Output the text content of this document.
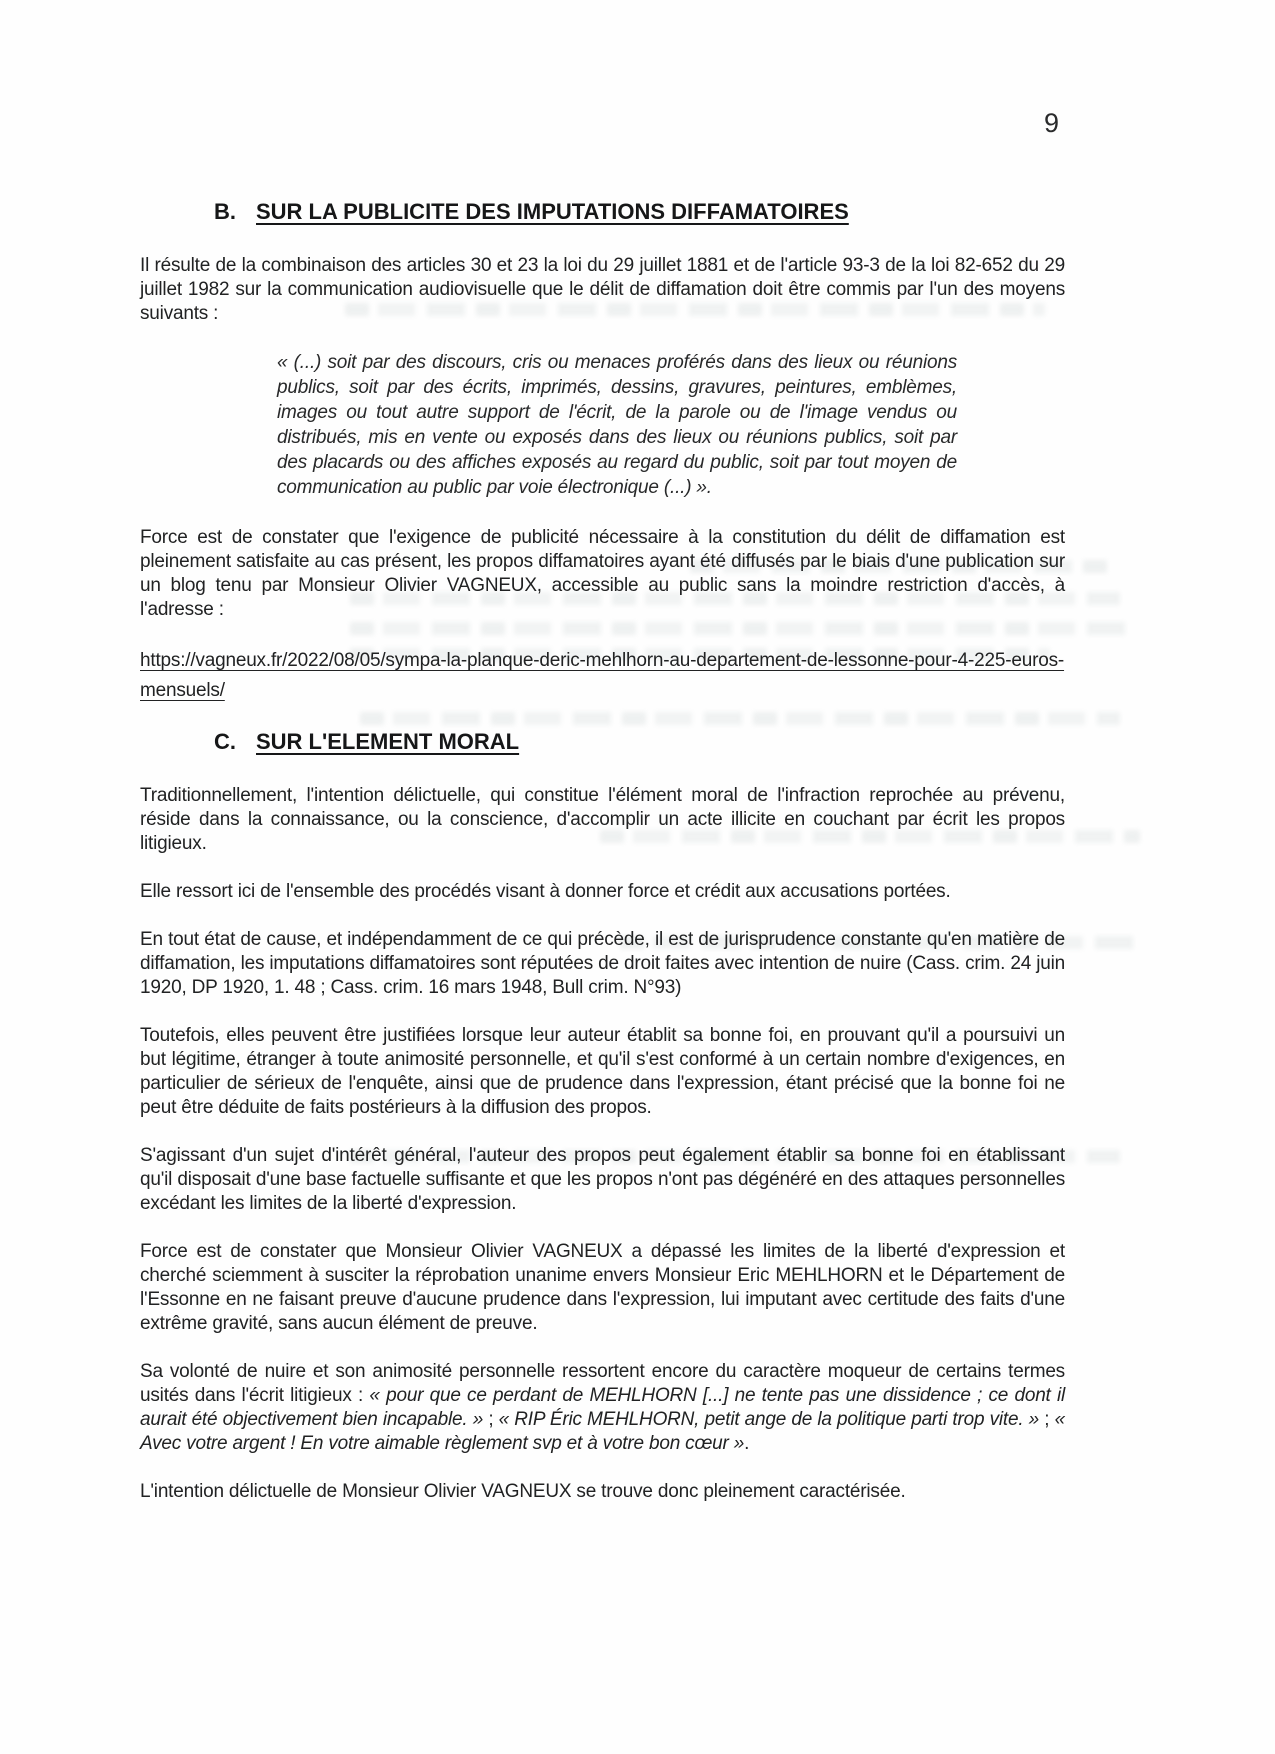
9
B. SUR LA PUBLICITE DES IMPUTATIONS DIFFAMATOIRES

Il résulte de la combinaison des articles 30 et 23 la loi du 29 juillet 1881 et de l'article 93-3 de la loi 82-652 du 29 juillet 1982 sur la communication audiovisuelle que le délit de diffamation doit être commis par l'un des moyens suivants :

« (...) soit par des discours, cris ou menaces proférés dans des lieux ou réunions publics, soit par des écrits, imprimés, dessins, gravures, peintures, emblèmes, images ou tout autre support de l'écrit, de la parole ou de l'image vendus ou distribués, mis en vente ou exposés dans des lieux ou réunions publics, soit par des placards ou des affiches exposés au regard du public, soit par tout moyen de communication au public par voie électronique (...) ».

Force est de constater que l'exigence de publicité nécessaire à la constitution du délit de diffamation est pleinement satisfaite au cas présent, les propos diffamatoires ayant été diffusés par le biais d'une publication sur un blog tenu par Monsieur Olivier VAGNEUX, accessible au public sans la moindre restriction d'accès, à l'adresse :

https://vagneux.fr/2022/08/05/sympa-la-planque-deric-mehlhorn-au-departement-de-lessonne-pour-4-225-euros-
mensuels/
C. SUR L'ELEMENT MORAL

Traditionnellement, l'intention délictuelle, qui constitue l'élément moral de l'infraction reprochée au prévenu, réside dans la connaissance, ou la conscience, d'accomplir un acte illicite en couchant par écrit les propos litigieux.

Elle ressort ici de l'ensemble des procédés visant à donner force et crédit aux accusations portées.

En tout état de cause, et indépendamment de ce qui précède, il est de jurisprudence constante qu'en matière de diffamation, les imputations diffamatoires sont réputées de droit faites avec intention de nuire (Cass. crim. 24 juin 1920, DP 1920, 1. 48 ; Cass. crim. 16 mars 1948, Bull crim. N°93)

Toutefois, elles peuvent être justifiées lorsque leur auteur établit sa bonne foi, en prouvant qu'il a poursuivi un but légitime, étranger à toute animosité personnelle, et qu'il s'est conformé à un certain nombre d'exigences, en particulier de sérieux de l'enquête, ainsi que de prudence dans l'expression, étant précisé que la bonne foi ne peut être déduite de faits postérieurs à la diffusion des propos.

S'agissant d'un sujet d'intérêt général, l'auteur des propos peut également établir sa bonne foi en établissant qu'il disposait d'une base factuelle suffisante et que les propos n'ont pas dégénéré en des attaques personnelles excédant les limites de la liberté d'expression.

Force est de constater que Monsieur Olivier VAGNEUX a dépassé les limites de la liberté d'expression et cherché sciemment à susciter la réprobation unanime envers Monsieur Eric MEHLHORN et le Département de l'Essonne en ne faisant preuve d'aucune prudence dans l'expression, lui imputant avec certitude des faits d'une extrême gravité, sans aucun élément de preuve.

Sa volonté de nuire et son animosité personnelle ressortent encore du caractère moqueur de certains termes usités dans l'écrit litigieux : « pour que ce perdant de MEHLHORN [...] ne tente pas une dissidence ; ce dont il aurait été objectivement bien incapable. » ; « RIP Éric MEHLHORN, petit ange de la politique parti trop vite. » ; « Avec votre argent ! En votre aimable règlement svp et à votre bon cœur ».

L'intention délictuelle de Monsieur Olivier VAGNEUX se trouve donc pleinement caractérisée.
